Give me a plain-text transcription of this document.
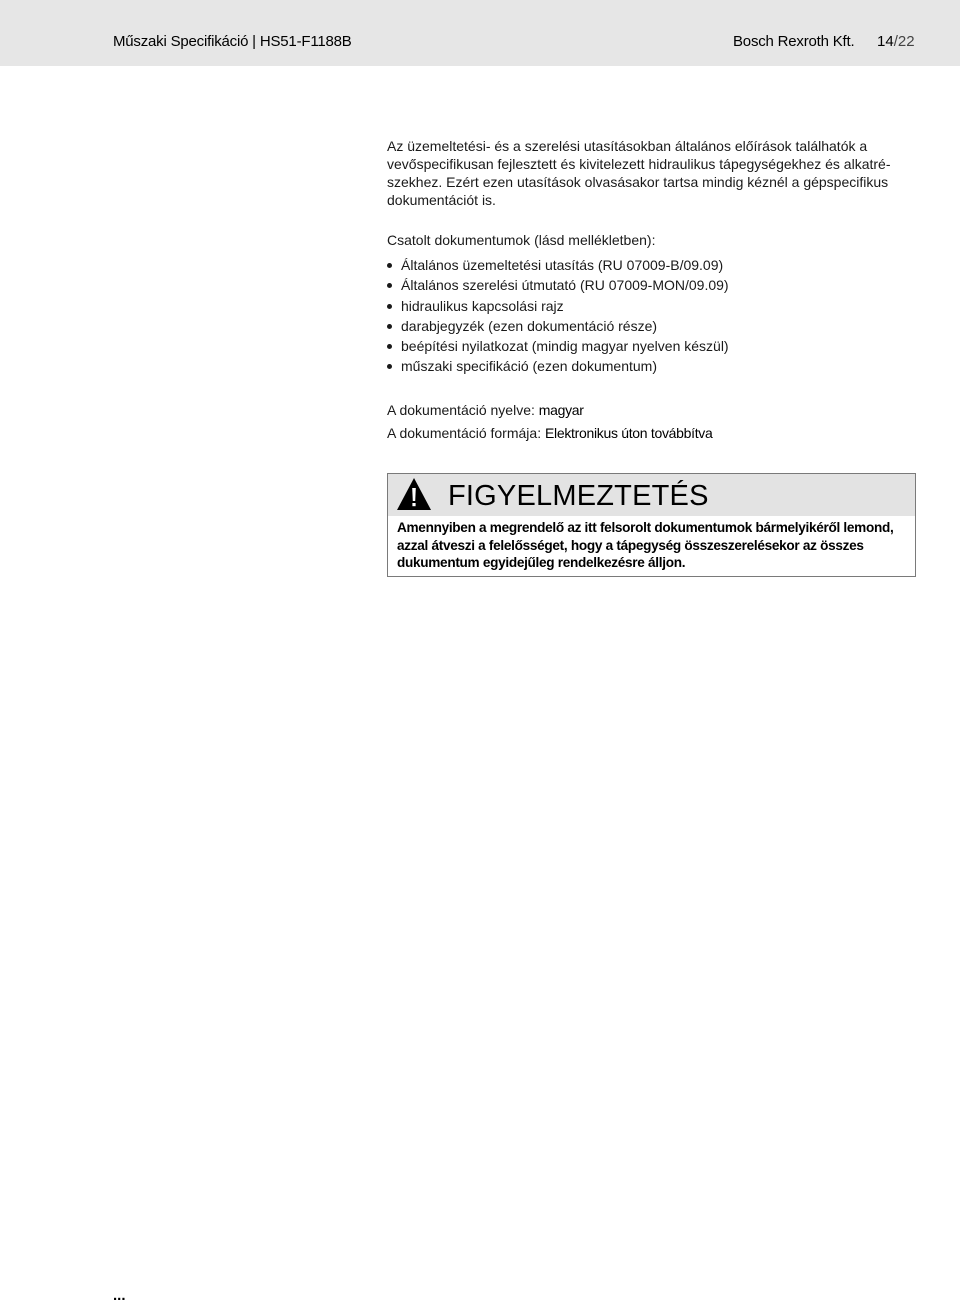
Műszaki Specifikáció | HS51-F1188B	Bosch Rexroth Kft. 14/22

Az üzemeltetési- és a szerelési utasításokban általános előírások találhatók a
vevőspecifikusan fejlesztett és kivitelezett hidraulikus tápegységekhez és alkatré-
szekhez. Ezért ezen utasítások olvasásakor tartsa mindig kéznél a gépspecifikus
dokumentációt is.

Csatolt dokumentumok (lásd mellékletben):
Általános üzemeltetési utasítás (RU 07009-B/09.09)
Általános szerelési útmutató (RU 07009-MON/09.09)
hidraulikus kapcsolási rajz
darabjegyzék (ezen dokumentáció része)
beépítési nyilatkozat (mindig magyar nyelven készül)
műszaki specifikáció (ezen dokumentum)
A dokumentáció nyelve: magyar
A dokumentáció formája: Elektronikus úton továbbítva
FIGYELMEZTETÉS
Amennyiben a megrendelő az itt felsorolt dokumentumok bármelyikéről lemond,
azzal átveszi a felelősséget, hogy a tápegység összeszerelésekor az összes
dukumentum egyidejűleg rendelkezésre álljon.
...
